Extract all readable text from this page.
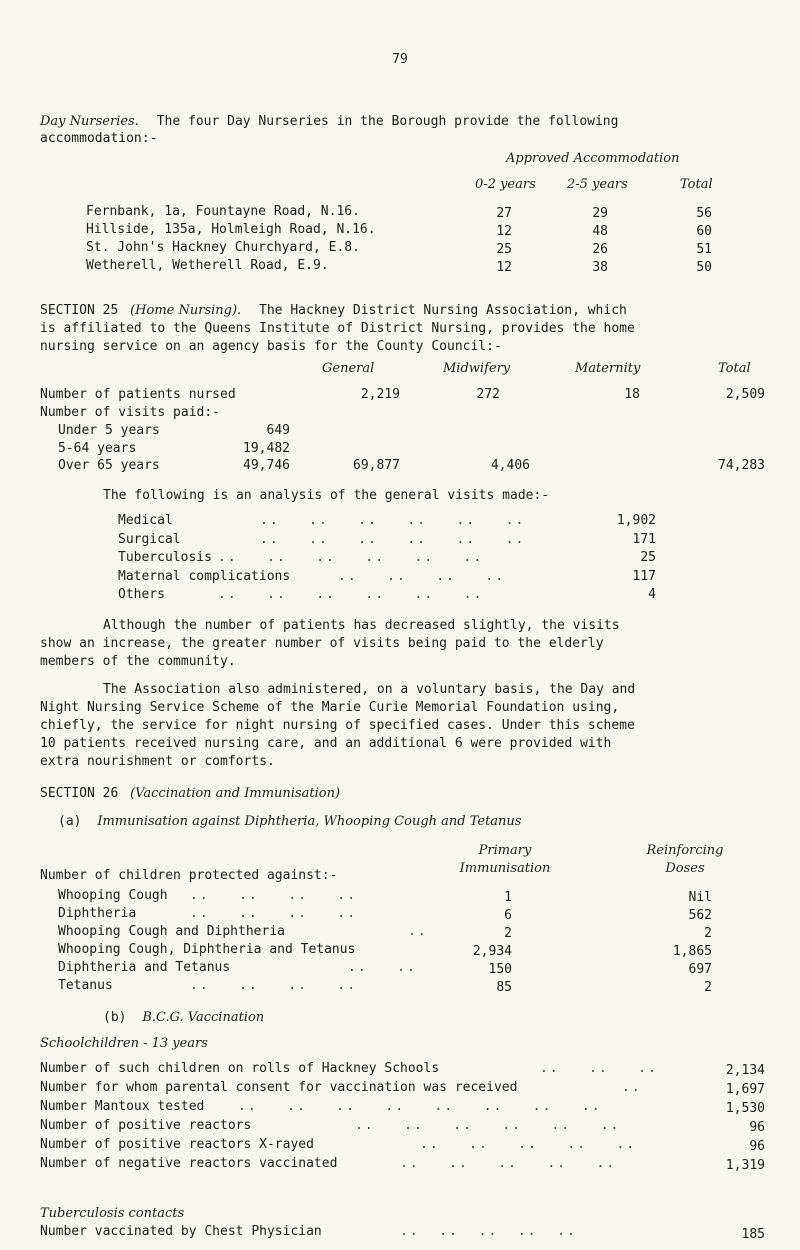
79
Day Nurseries. The four Day Nurseries in the Borough provide the following
accommodation:-
Approved Accommodation
0-2 years 2-5 years	Total
Fernbank, 1a, Fountayne Road, N.16.	27	29	56
Hillside, 135a, Holmleigh Road, N.16.	12	48	60
St. John's Hackney Churchyard, E.8.	25	26	51
Wetherell, Wetherell Road, E.9.	12	38	50
SECTION 25 (Home Nursing). The Hackney District Nursing Association, which
is affiliated to the Queens Institute of District Nursing, provides the home
nursing service on an agency basis for the County Council:-
General	Midwifery	Maternity	Total
Number of patients nursed	2,219	272	18	2,509
Number of visits paid:-
Under 5 years	649
5-64 years	19,482
Over 65 years	49,746	69,877	4,406	74,283
The following is an analysis of the general visits made:-
Medical	..   ..   ..   ..   ..   ..	1,902
Surgical	..   ..   ..   ..   ..   ..	171
Tuberculosis ..   ..   ..   ..   ..   ..	25
Maternal complications	..   ..   ..   ..	117
Others	..   ..   ..   ..   ..   ..	4
Although the number of patients has decreased slightly, the visits
show an increase, the greater number of visits being paid to the elderly
members of the community.
The Association also administered, on a voluntary basis, the Day and
Night Nursing Service Scheme of the Marie Curie Memorial Foundation using,
chiefly, the service for night nursing of specified cases. Under this scheme
10 patients received nursing care, and an additional 6 were provided with
extra nourishment or comforts.
SECTION 26 (Vaccination and Immunisation)
(a) Immunisation against Diphtheria, Whooping Cough and Tetanus
Primary
Immunisation
Reinforcing
Doses
Number of children protected against:-
Whooping Cough ..   ..   ..   ..	1	Nil
Diphtheria	..   ..   ..   ..	6	562
Whooping Cough and Diphtheria	..	2	2
Whooping Cough, Diphtheria and Tetanus	2,934	1,865
Diphtheria and Tetanus	..   ..	150	697
Tetanus	..   ..   ..   ..	85	2
(b) B.C.G. Vaccination
Schoolchildren - 13 years
Number of such children on rolls of Hackney Schools	..   ..   ..	2,134
Number for whom parental consent for vaccination was received	..	1,697
Number Mantoux tested	..   ..   ..   ..   ..   ..   ..   ..	1,530
Number of positive reactors	..   ..   ..   ..   ..   ..	96
Number of positive reactors X-rayed	..   ..   ..   ..   ..	96
Number of negative reactors vaccinated	..   ..   ..   ..   ..	1,319
Tuberculosis contacts
Number vaccinated by Chest Physician	..  ..  ..  ..  ..	185
